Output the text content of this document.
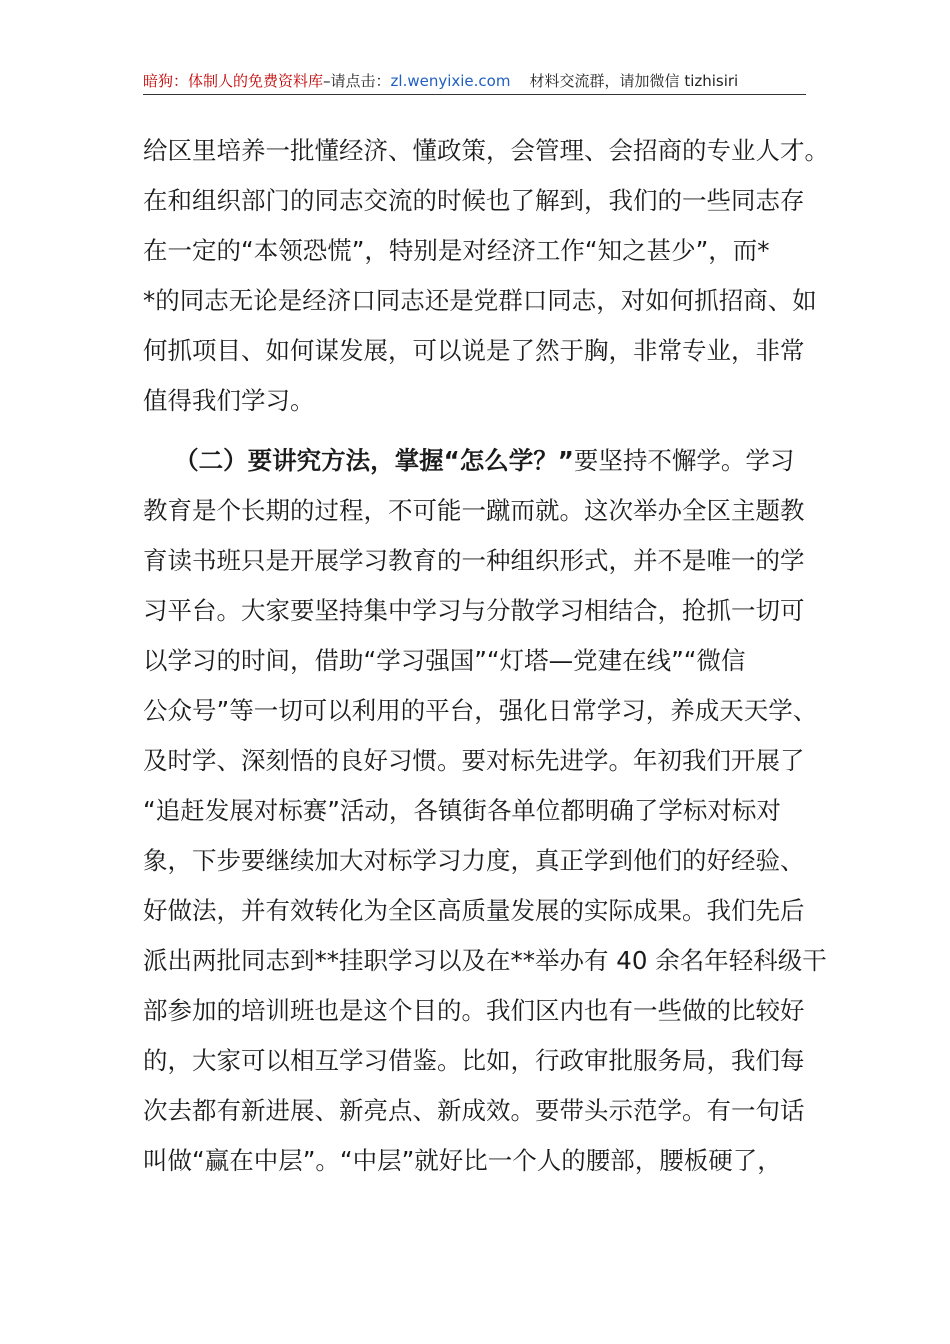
暗狗：体制人的免费资料库–请点击：zl.wenyixie.com 材料交流群，请加微信 tizhisiri
给区里培养一批懂经济、懂政策，会管理、会招商的专业人才。
在和组织部门的同志交流的时候也了解到，我们的一些同志存
在一定的“本领恐慌”，特别是对经济工作“知之甚少”，而*
*的同志无论是经济口同志还是党群口同志，对如何抓招商、如
何抓项目、如何谋发展，可以说是了然于胸，非常专业，非常
值得我们学习。
（二）要讲究方法，掌握“怎么学？”要坚持不懈学。学习
教育是个长期的过程，不可能一蹴而就。这次举办全区主题教
育读书班只是开展学习教育的一种组织形式，并不是唯一的学
习平台。大家要坚持集中学习与分散学习相结合，抢抓一切可
以学习的时间，借助“学习强国”“灯塔—党建在线”“微信
公众号”等一切可以利用的平台，强化日常学习，养成天天学、
及时学、深刻悟的良好习惯。要对标先进学。年初我们开展了
“追赶发展对标赛”活动，各镇街各单位都明确了学标对标对
象，下步要继续加大对标学习力度，真正学到他们的好经验、
好做法，并有效转化为全区高质量发展的实际成果。我们先后
派出两批同志到**挂职学习以及在**举办有 40 余名年轻科级干
部参加的培训班也是这个目的。我们区内也有一些做的比较好
的，大家可以相互学习借鉴。比如，行政审批服务局，我们每
次去都有新进展、新亮点、新成效。要带头示范学。有一句话
叫做“赢在中层”。“中层”就好比一个人的腰部，腰板硬了，
